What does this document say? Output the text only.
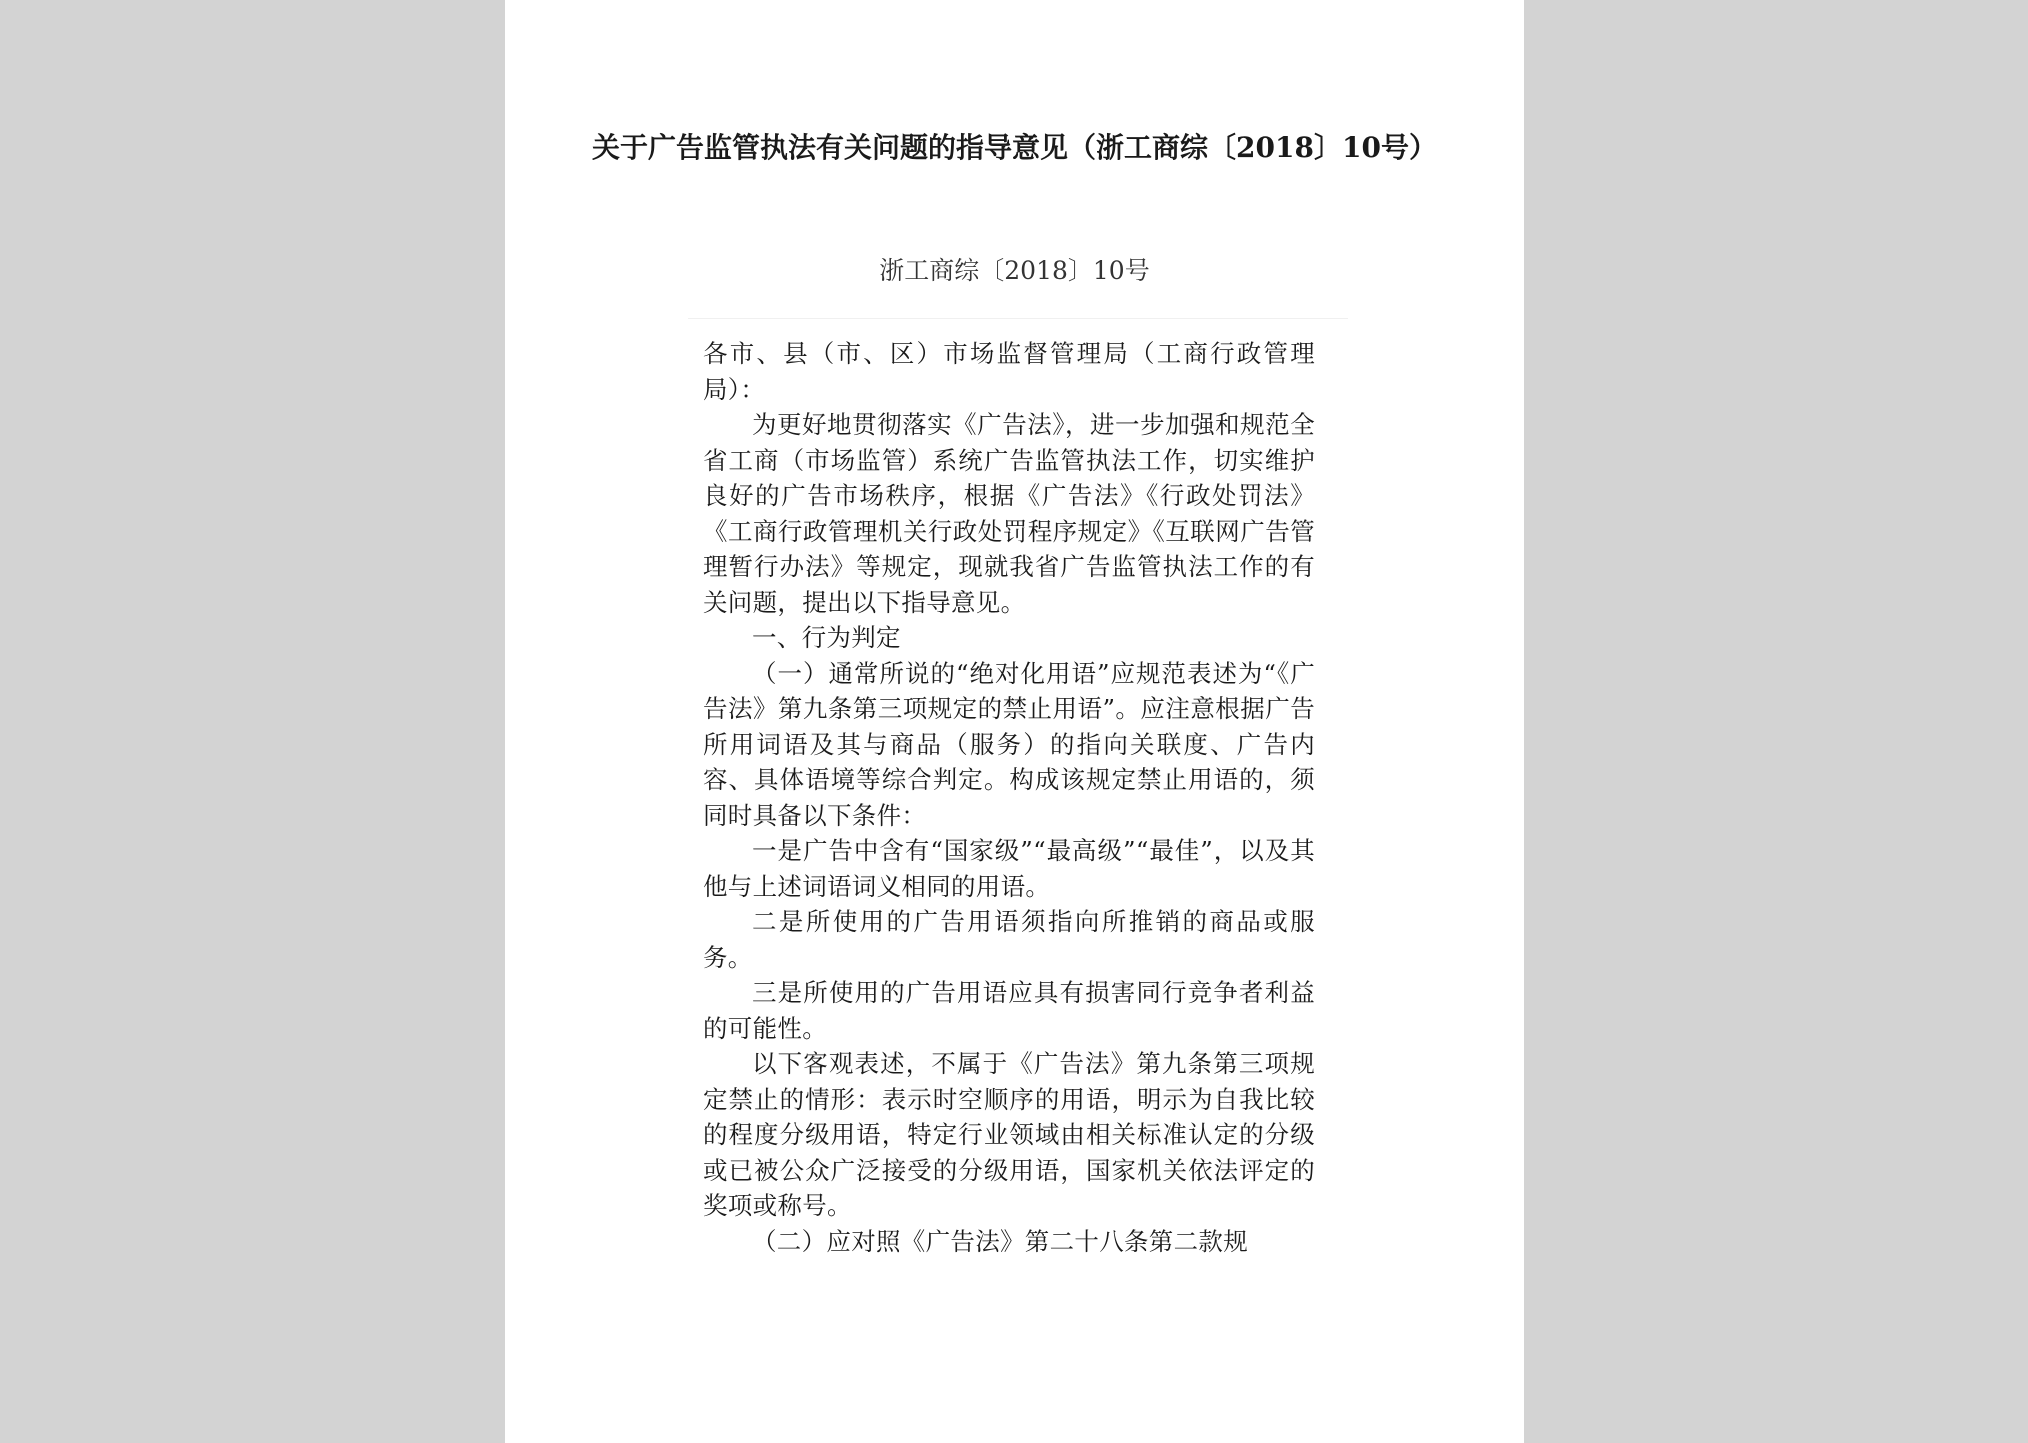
关于广告监管执法有关问题的指导意见（浙工商综〔2018〕10号）
浙工商综〔2018〕10号

各市、县（市、区）市场监督管理局（工商行政管理局）：

为更好地贯彻落实《广告法》，进一步加强和规范全省工商（市场监管）系统广告监管执法工作，切实维护良好的广告市场秩序，根据《广告法》《行政处罚法》《工商行政管理机关行政处罚程序规定》《互联网广告管理暂行办法》等规定，现就我省广告监管执法工作的有关问题，提出以下指导意见。

一、行为判定

（一）通常所说的“绝对化用语”应规范表述为“《广告法》第九条第三项规定的禁止用语”。应注意根据广告所用词语及其与商品（服务）的指向关联度、广告内容、具体语境等综合判定。构成该规定禁止用语的，须同时具备以下条件：

一是广告中含有“国家级”“最高级”“最佳”，以及其他与上述词语词义相同的用语。

二是所使用的广告用语须指向所推销的商品或服务。

三是所使用的广告用语应具有损害同行竞争者利益的可能性。

以下客观表述，不属于《广告法》第九条第三项规定禁止的情形：表示时空顺序的用语，明示为自我比较的程度分级用语，特定行业领域由相关标准认定的分级或已被公众广泛接受的分级用语，国家机关依法评定的奖项或称号。

（二）应对照《广告法》第二十八条第二款规
